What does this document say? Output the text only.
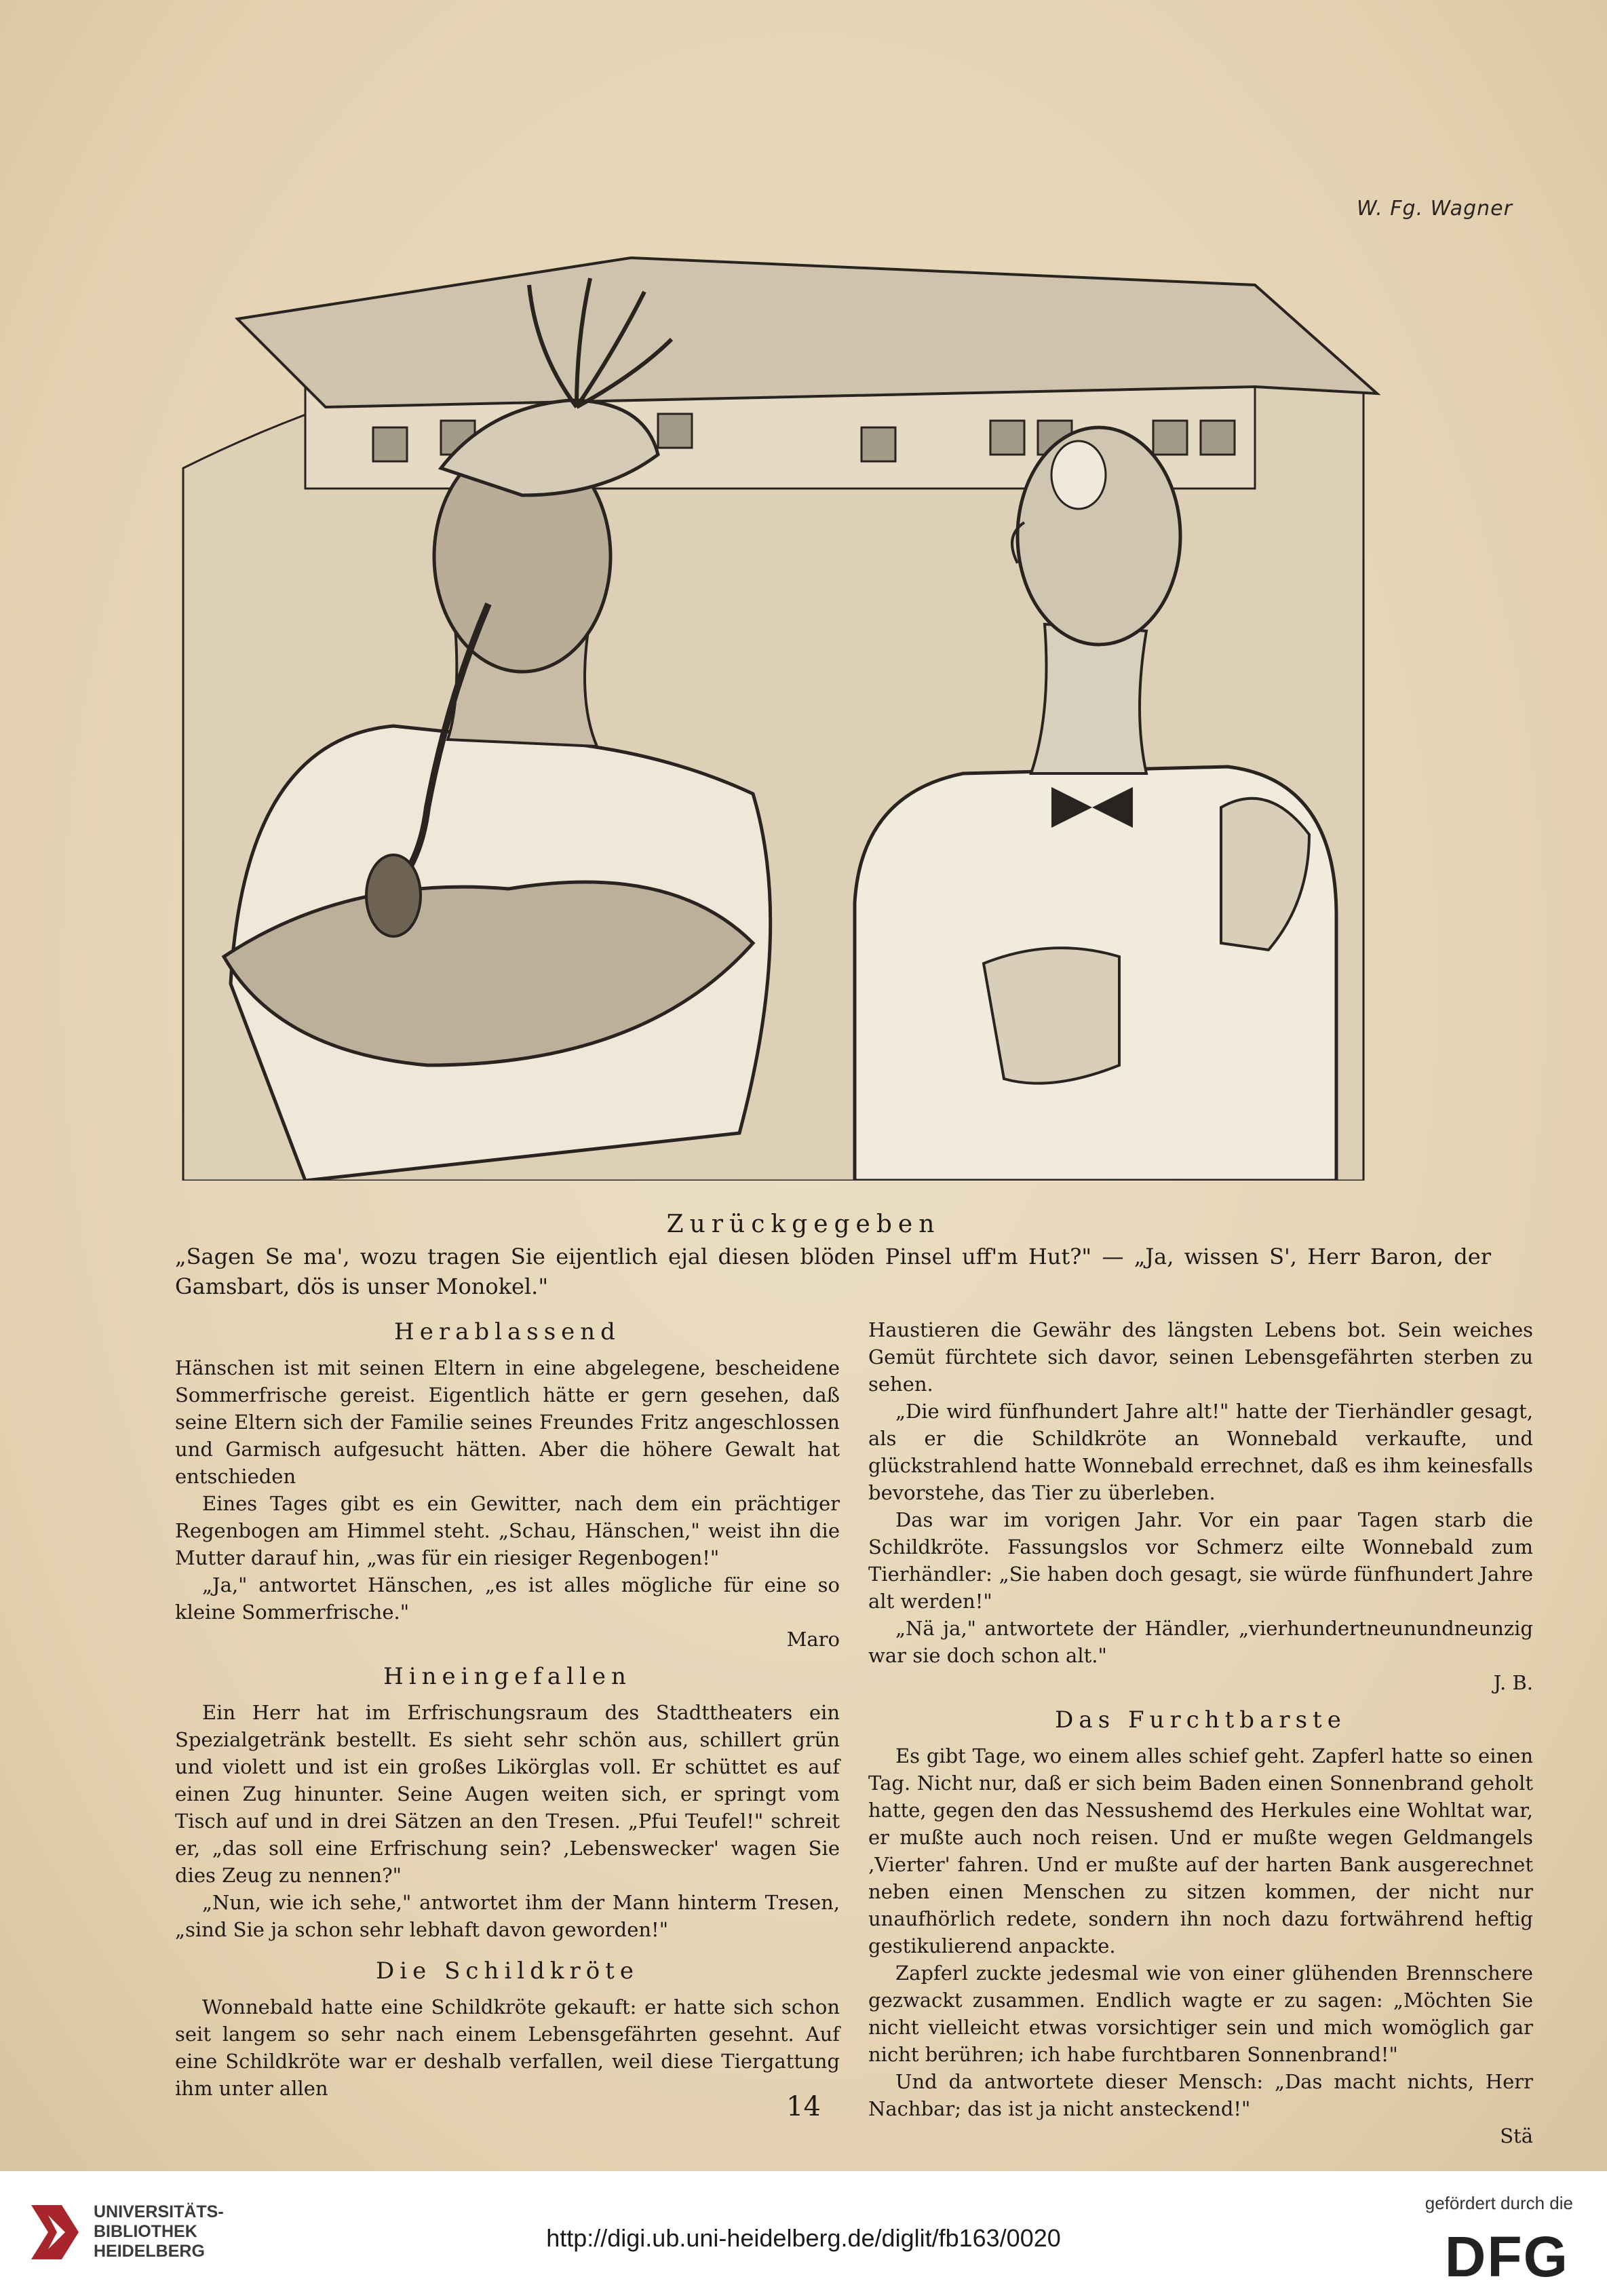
W. Fg. Wagner
Zurückgegeben
„Sagen Se ma', wozu tragen Sie eijentlich ejal diesen blöden Pinsel uff'm Hut?" — „Ja, wissen S', Herr Baron, der Gamsbart, dös is unser Monokel."
Herablassend

Hänschen ist mit seinen Eltern in eine abgelegene, bescheidene Sommerfrische gereist. Eigentlich hätte er gern gesehen, daß seine Eltern sich der Familie seines Freundes Fritz angeschlossen und Garmisch aufgesucht hätten. Aber die höhere Gewalt hat entschieden

Eines Tages gibt es ein Gewitter, nach dem ein prächtiger Regenbogen am Himmel steht. „Schau, Hänschen," weist ihn die Mutter darauf hin, „was für ein riesiger Regenbogen!"

„Ja," antwortet Hänschen, „es ist alles mögliche für eine so kleine Sommerfrische."

Maro

Hineingefallen

Ein Herr hat im Erfrischungsraum des Stadttheaters ein Spezialgetränk bestellt. Es sieht sehr schön aus, schillert grün und violett und ist ein großes Likörglas voll. Er schüttet es auf einen Zug hinunter. Seine Augen weiten sich, er springt vom Tisch auf und in drei Sätzen an den Tresen. „Pfui Teufel!" schreit er, „das soll eine Erfrischung sein? ‚Lebenswecker' wagen Sie dies Zeug zu nennen?"

„Nun, wie ich sehe," antwortet ihm der Mann hinterm Tresen, „sind Sie ja schon sehr lebhaft davon geworden!"

Die Schildkröte

Wonnebald hatte eine Schildkröte gekauft: er hatte sich schon seit langem so sehr nach einem Lebensgefährten gesehnt. Auf eine Schildkröte war er deshalb verfallen, weil diese Tiergattung ihm unter allen

Haustieren die Gewähr des längsten Lebens bot. Sein weiches Gemüt fürchtete sich davor, seinen Lebensgefährten sterben zu sehen.

„Die wird fünfhundert Jahre alt!" hatte der Tierhändler gesagt, als er die Schildkröte an Wonnebald verkaufte, und glückstrahlend hatte Wonnebald errechnet, daß es ihm keinesfalls bevorstehe, das Tier zu überleben.

Das war im vorigen Jahr. Vor ein paar Tagen starb die Schildkröte. Fassungslos vor Schmerz eilte Wonnebald zum Tierhändler: „Sie haben doch gesagt, sie würde fünfhundert Jahre alt werden!"

„Nä ja," antwortete der Händler, „vierhundertneunundneunzig war sie doch schon alt."

J. B.

Das Furchtbarste

Es gibt Tage, wo einem alles schief geht. Zapferl hatte so einen Tag. Nicht nur, daß er sich beim Baden einen Sonnenbrand geholt hatte, gegen den das Nessushemd des Herkules eine Wohltat war, er mußte auch noch reisen. Und er mußte wegen Geldmangels ‚Vierter' fahren. Und er mußte auf der harten Bank ausgerechnet neben einen Menschen zu sitzen kommen, der nicht nur unaufhörlich redete, sondern ihn noch dazu fortwährend heftig gestikulierend anpackte.

Zapferl zuckte jedesmal wie von einer glühenden Brennschere gezwackt zusammen. Endlich wagte er zu sagen: „Möchten Sie nicht vielleicht etwas vorsichtiger sein und mich womöglich gar nicht berühren; ich habe furchtbaren Sonnenbrand!"

Und da antwortete dieser Mensch: „Das macht nichts, Herr Nachbar; das ist ja nicht ansteckend!"

Stä

14
UNIVERSITÄTS-
BIBLIOTHEK
HEIDELBERG	http://digi.ub.uni-heidelberg.de/diglit/fb163/0020
gefördert durch die
DFG
